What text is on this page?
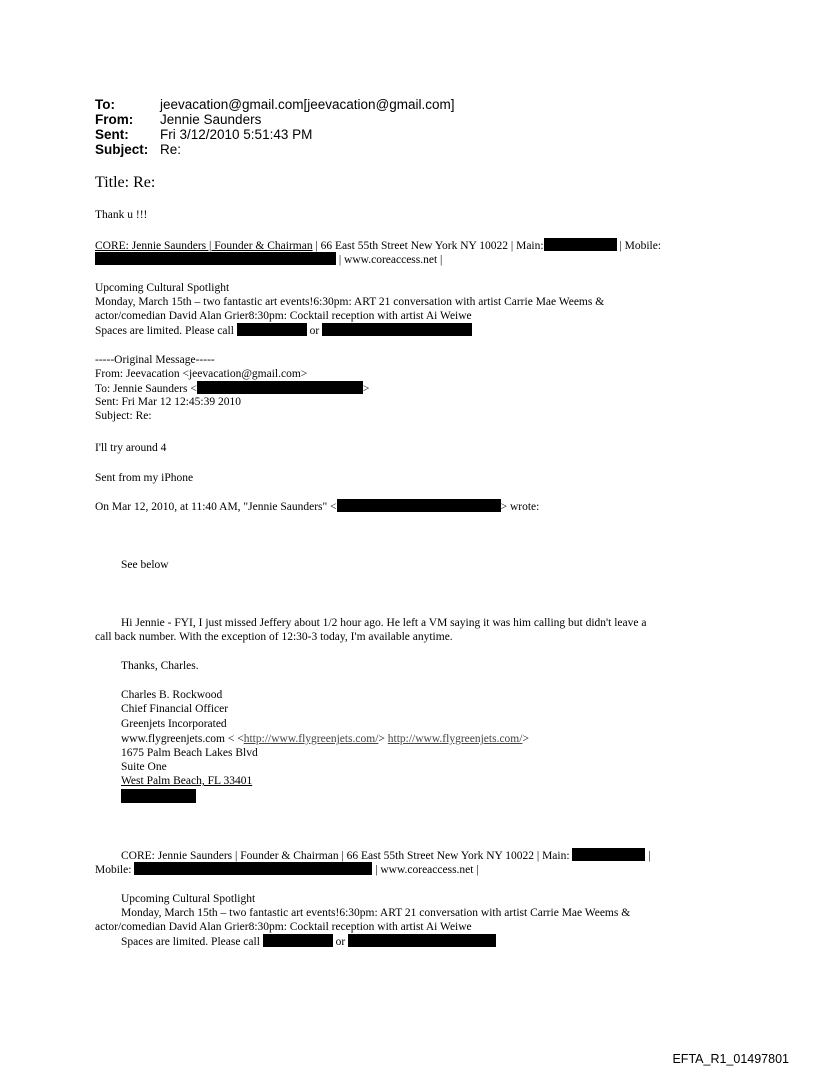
To:	jeevacation@gmail.com[jeevacation@gmail.com]
From: Jennie Saunders
Sent: Fri 3/12/2010 5:51:43 PM
Subject: Re:
Title: Re:
Thank u !!!
CORE: Jennie Saunders | Founder & Chairman | 66 East 55th Street New York NY 10022 | Main:	| Mobile:
| www.coreaccess.net |
Upcoming Cultural Spotlight
Monday, March 15th – two fantastic art events!6:30pm: ART 21 conversation with artist Carrie Mae Weems &
actor/comedian David Alan Grier8:30pm: Cocktail reception with artist Ai Weiwe
Spaces are limited. Please call	or
-----Original Message-----
From: Jeevacation <jeevacation@gmail.com>
To: Jennie Saunders <	>
Sent: Fri Mar 12 12:45:39 2010
Subject: Re:
I'll try around 4
Sent from my iPhone
On Mar 12, 2010, at 11:40 AM, "Jennie Saunders" <	> wrote:
See below
Hi Jennie - FYI, I just missed Jeffery about 1/2 hour ago. He left a VM saying it was him calling but didn't leave a
call back number. With the exception of 12:30-3 today, I'm available anytime.
Thanks, Charles.
Charles B. Rockwood
Chief Financial Officer
Greenjets Incorporated
www.flygreenjets.com < <http://www.flygreenjets.com/> http://www.flygreenjets.com/>
1675 Palm Beach Lakes Blvd
Suite One
West Palm Beach, FL 33401
CORE: Jennie Saunders | Founder & Chairman | 66 East 55th Street New York NY 10022 | Main:	|
Mobile:	| www.coreaccess.net |
Upcoming Cultural Spotlight
Monday, March 15th – two fantastic art events!6:30pm: ART 21 conversation with artist Carrie Mae Weems &
actor/comedian David Alan Grier8:30pm: Cocktail reception with artist Ai Weiwe
Spaces are limited. Please call	or
EFTA_R1_01497801
